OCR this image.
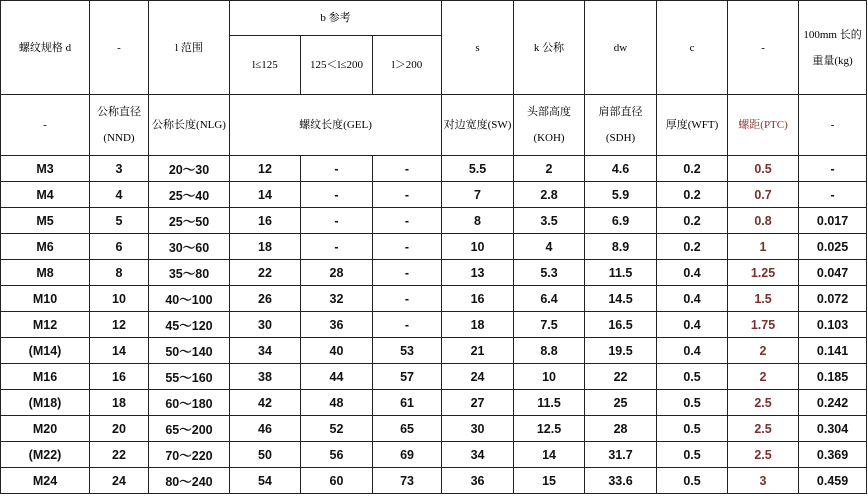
螺纹规格 d	-	l 范围	b 参考			s	k 公称	dw	c	-	100mm 长的重量(kg)
			l≤125	125＜l≤200	l＞200						
-	公称直径(NND)	公称长度(NLG)	螺纹长度(GEL)			对边宽度(SW)	头部高度(KOH)	肩部直径(SDH)	厚度(WFT)	螺距(PTC)	-
M3	3	20～30	12	-	-	5.5	2	4.6	0.2	0.5	-
M4	4	25～40	14	-	-	7	2.8	5.9	0.2	0.7	-
M5	5	25～50	16	-	-	8	3.5	6.9	0.2	0.8	0.017
M6	6	30～60	18	-	-	10	4	8.9	0.2	1	0.025
M8	8	35～80	22	28	-	13	5.3	11.5	0.4	1.25	0.047
M10	10	40～100	26	32	-	16	6.4	14.5	0.4	1.5	0.072
M12	12	45～120	30	36	-	18	7.5	16.5	0.4	1.75	0.103
(M14)	14	50～140	34	40	53	21	8.8	19.5	0.4	2	0.141
M16	16	55～160	38	44	57	24	10	22	0.5	2	0.185
(M18)	18	60～180	42	48	61	27	11.5	25	0.5	2.5	0.242
M20	20	65～200	46	52	65	30	12.5	28	0.5	2.5	0.304
(M22)	22	70～220	50	56	69	34	14	31.7	0.5	2.5	0.369
M24	24	80～240	54	60	73	36	15	33.6	0.5	3	0.459
